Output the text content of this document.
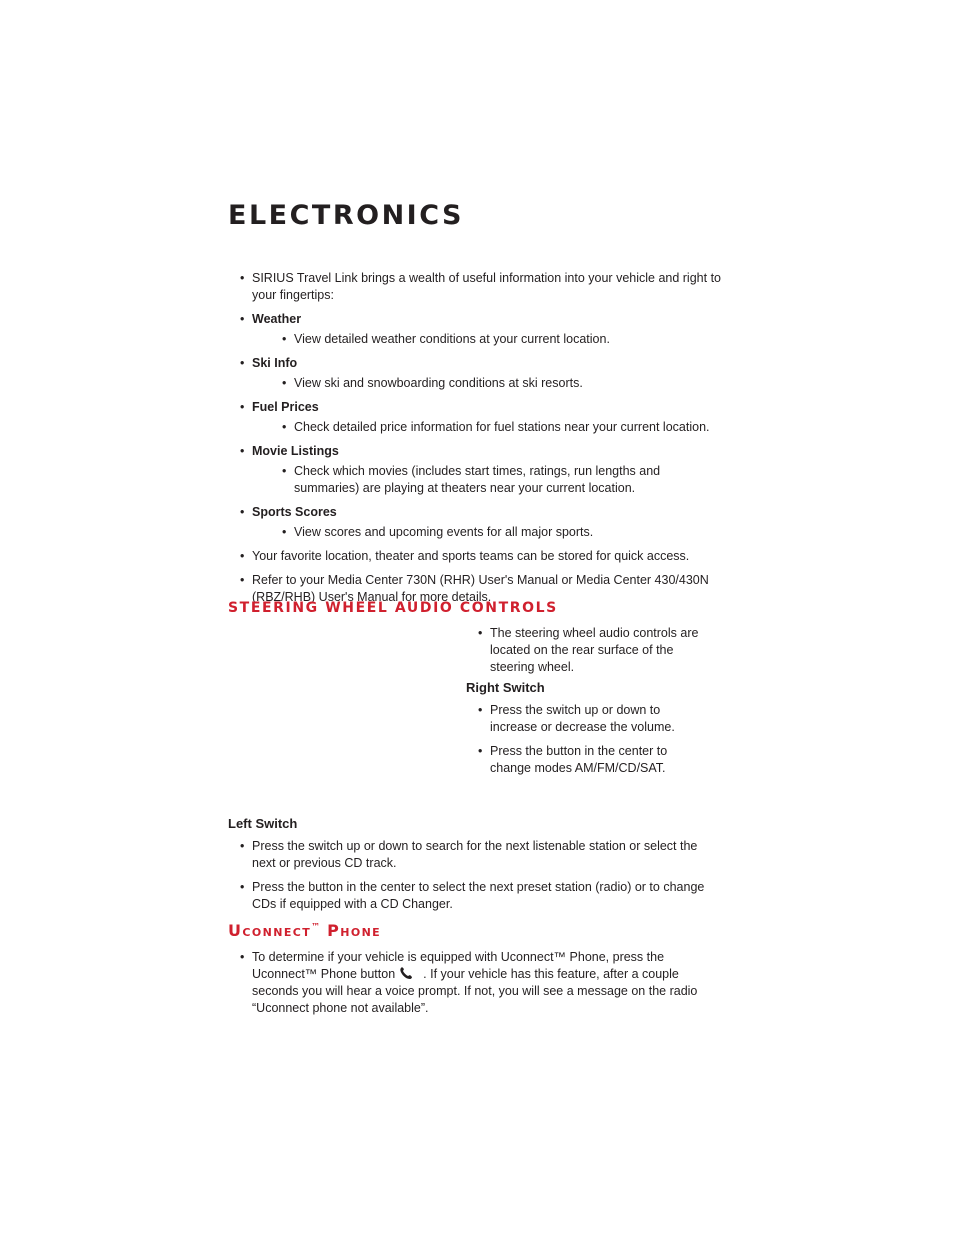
ELECTRONICS
• SIRIUS Travel Link brings a wealth of useful information into your vehicle and right to your fingertips:
• Weather
• View detailed weather conditions at your current location.
• Ski Info
• View ski and snowboarding conditions at ski resorts.
• Fuel Prices
• Check detailed price information for fuel stations near your current location.
• Movie Listings
• Check which movies (includes start times, ratings, run lengths and summaries) are playing at theaters near your current location.
• Sports Scores
• View scores and upcoming events for all major sports.
• Your favorite location, theater and sports teams can be stored for quick access.
• Refer to your Media Center 730N (RHR) User's Manual or Media Center 430/430N (RBZ/RHB) User's Manual for more details.
STEERING WHEEL AUDIO CONTROLS
• The steering wheel audio controls are located on the rear surface of the steering wheel.

Right Switch

• Press the switch up or down to increase or decrease the volume.
• Press the button in the center to change modes AM/FM/CD/SAT.

Left Switch

• Press the switch up or down to search for the next listenable station or select the next or previous CD track.
• Press the button in the center to select the next preset station (radio) or to change CDs if equipped with a CD Changer.
Uconnect™ Phone
• To determine if your vehicle is equipped with Uconnect™ Phone, press the Uconnect™ Phone button . If your vehicle has this feature, after a couple seconds you will hear a voice prompt. If not, you will see a message on the radio “Uconnect phone not available”.
